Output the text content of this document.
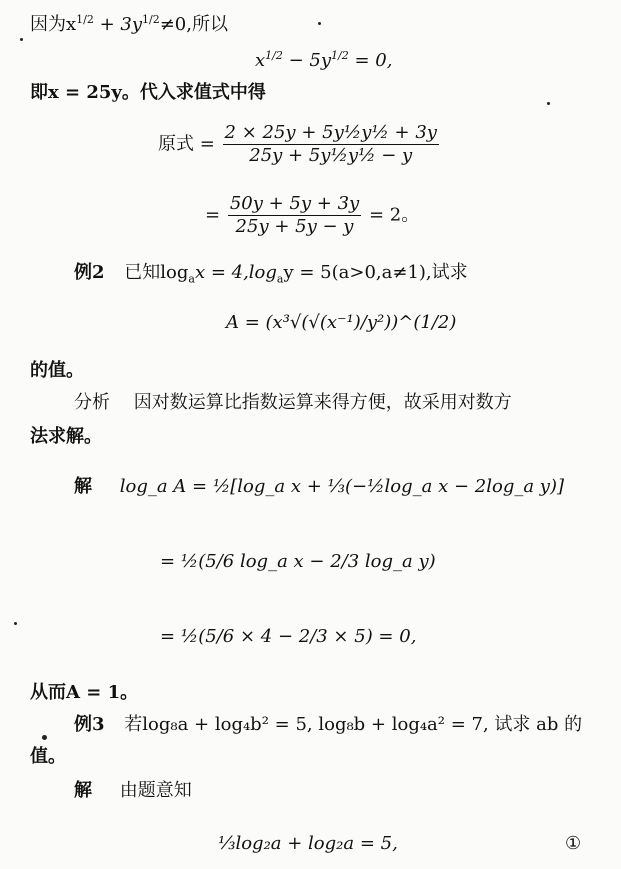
因为$x^{1/2} + 3y^{1/2}\ne 0$,所以
$x^{1/2} - 5y^{1/2} = 0$,
即x = 25y。代入求值式中得
原式 = $\frac{\text{2 × 25y + 5y½y½ + 3y}}{\text{25y + 5y½y½ − y}}$
= $\frac{50y + 5y + 3y}{25y + 5y - y} = 2$。
例2 已知$\log_ax = 4,\log_ay = 5(a>0,a\ne 1)$,试求
A = (x³√(√(x⁻¹)/y²))^(1/2)
的值。
分析 因对数运算比指数运算来得方便，故采用对数方
法求解。
解 log_a A = ½[log_a x + ⅓(−½log_a x − 2log_a y)]
= ½(5/6 log_a x − 2/3 log_a y)
= ½(5/6 × 4 − 2/3 × 5) = 0,
从而A = 1。
例3 若log₈a + log₄b² = 5, log₈b + log₄a² = 7, 试求 ab 的
值。
解 由题意知
⅓log₂a + log₂a = 5,	①
